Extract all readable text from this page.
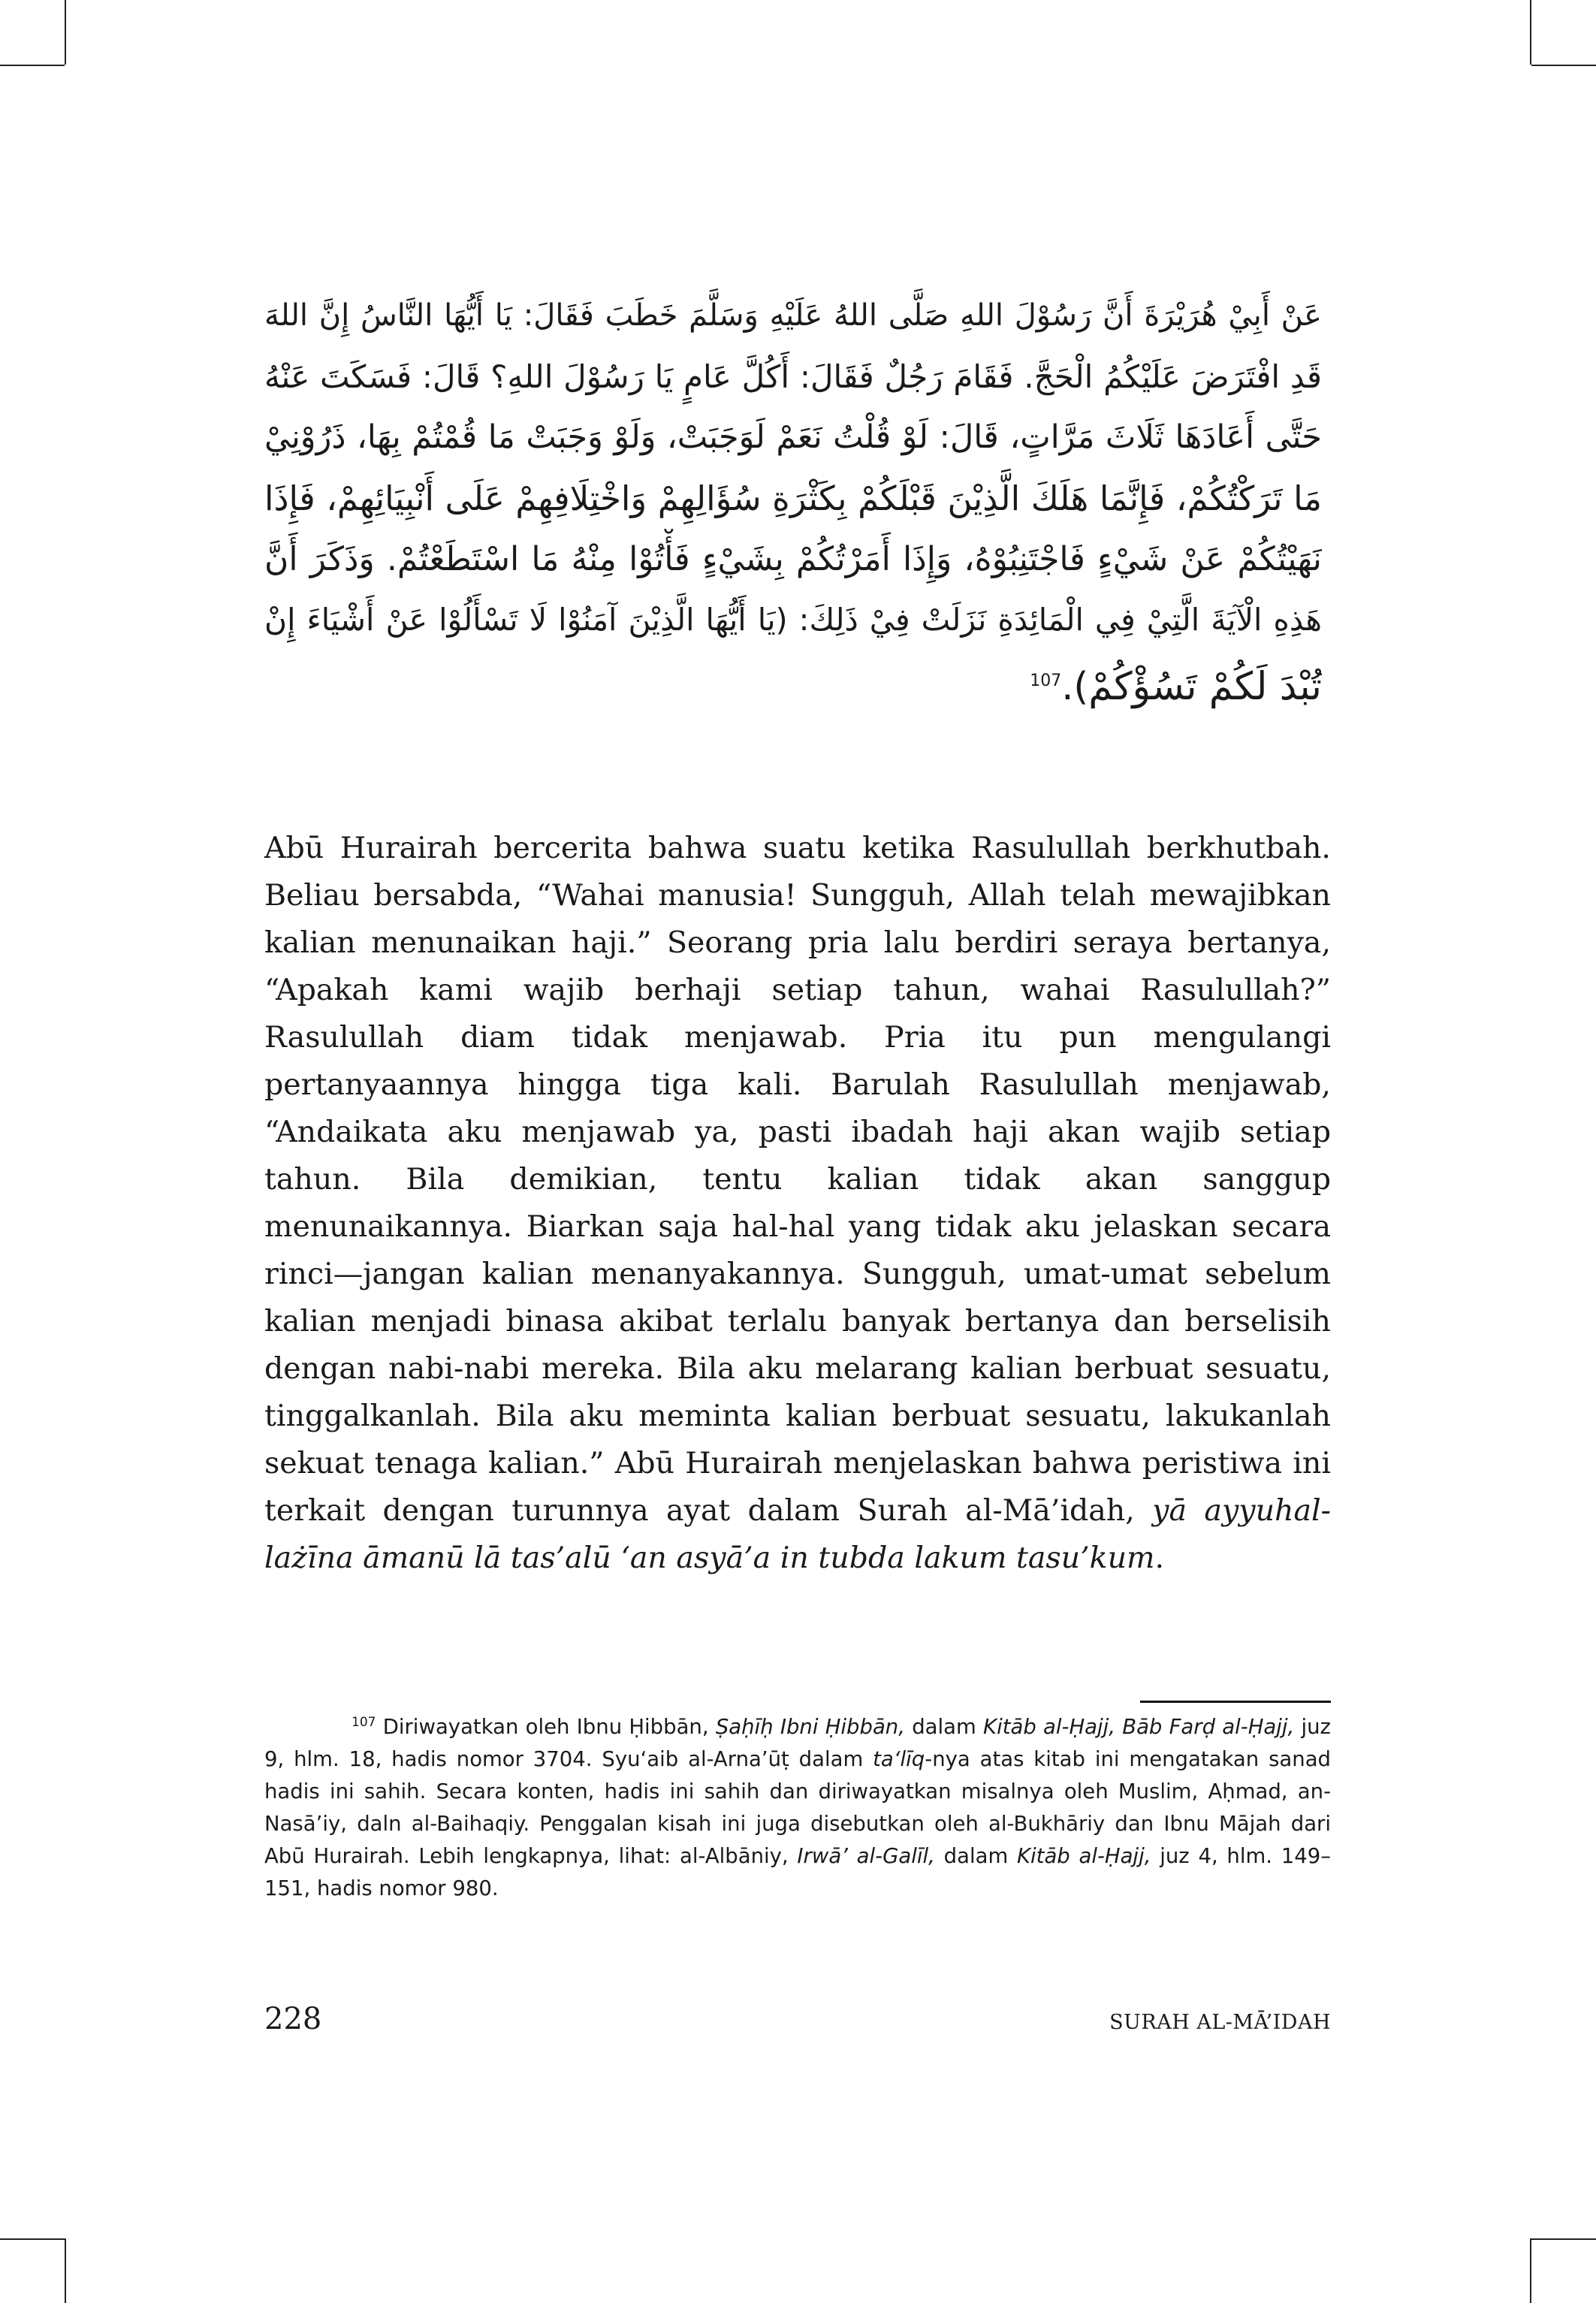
عَنْ أَبِيْ هُرَيْرَةَ أَنَّ رَسُوْلَ اللهِ صَلَّى اللهُ عَلَيْهِ وَسَلَّمَ خَطَبَ فَقَالَ: يَا أَيُّهَا النَّاسُ إِنَّ اللهَ
قَدِ افْتَرَضَ عَلَيْكُمُ الْحَجَّ. فَقَامَ رَجُلٌ فَقَالَ: أَكُلَّ عَامٍ يَا رَسُوْلَ اللهِ؟ قَالَ: فَسَكَتَ عَنْهُ
حَتَّى أَعَادَهَا ثَلَاثَ مَرَّاتٍ، قَالَ: لَوْ قُلْتُ نَعَمْ لَوَجَبَتْ، وَلَوْ وَجَبَتْ مَا قُمْتُمْ بِهَا، ذَرُوْنِيْ
مَا تَرَكْتُكُمْ، فَإِنَّمَا هَلَكَ الَّذِيْنَ قَبْلَكُمْ بِكَثْرَةِ سُؤَالِهِمْ وَاخْتِلَافِهِمْ عَلَى أَنْبِيَائِهِمْ، فَإِذَا
نَهَيْتُكُمْ عَنْ شَيْءٍ فَاجْتَنِبُوْهُ، وَإِذَا أَمَرْتُكُمْ بِشَيْءٍ فَأْتُوْا مِنْهُ مَا اسْتَطَعْتُمْ. وَذَكَرَ أَنَّ
هَذِهِ الْآيَةَ الَّتِيْ فِي الْمَائِدَةِ نَزَلَتْ فِيْ ذَلِكَ: (يَا أَيُّهَا الَّذِيْنَ آمَنُوْا لَا تَسْأَلُوْا عَنْ أَشْيَاءَ إِنْ
تُبْدَ لَكُمْ تَسُؤْكُمْ).$^{107}$

Abū Hurairah bercerita bahwa suatu ketika Rasulullah berkhutbah. Beliau bersabda, “Wahai manusia! Sungguh, Allah telah mewajibkan kalian menunaikan haji.” Seorang pria lalu berdiri seraya bertanya, “Apakah kami wajib berhaji setiap tahun, wahai Rasulullah?” Rasulullah diam tidak menjawab. Pria itu pun mengulangi pertanyaannya hingga tiga kali. Barulah Rasulullah menjawab, “Andaikata aku menjawab ya, pasti ibadah haji akan wajib setiap tahun. Bila demikian, tentu kalian tidak akan sanggup menunaikannya. Biarkan saja hal-hal yang tidak aku jelaskan secara rinci—jangan kalian menanyakannya. Sungguh, umat-umat sebelum kalian menjadi binasa akibat terlalu banyak bertanya dan berselisih dengan nabi-nabi mereka. Bila aku melarang kalian berbuat sesuatu, tinggalkanlah. Bila aku meminta kalian berbuat sesuatu, lakukanlah sekuat tenaga kalian.” Abū Hurairah menjelaskan bahwa peristiwa ini terkait dengan turunnya ayat dalam Surah al-Mā’idah, yā ayyuhal-lażīna āmanū lā tas’alū ‘an asyā’a in tubda lakum tasu’kum.

$^{107}$ Diriwayatkan oleh Ibnu Ḥibbān, Ṣaḥīḥ Ibni Ḥibbān, dalam Kitāb al-Ḥajj, Bāb Farḍ al-Ḥajj, juz 9, hlm. 18, hadis nomor 3704. Syu‘aib al-Arna’ūṭ dalam ta‘līq-nya atas kitab ini mengatakan sanad hadis ini sahih. Secara konten, hadis ini sahih dan diriwayatkan misalnya oleh Muslim, Aḥmad, an-Nasā’iy, daln al-Baihaqiy. Penggalan kisah ini juga disebutkan oleh al-Bukhāriy dan Ibnu Mājah dari Abū Hurairah. Lebih lengkapnya, lihat: al-Albāniy, Irwā’ al-Galīl, dalam Kitāb al-Ḥajj, juz 4, hlm. 149–151, hadis nomor 980.

228	SURAH AL-MĀ’IDAH
